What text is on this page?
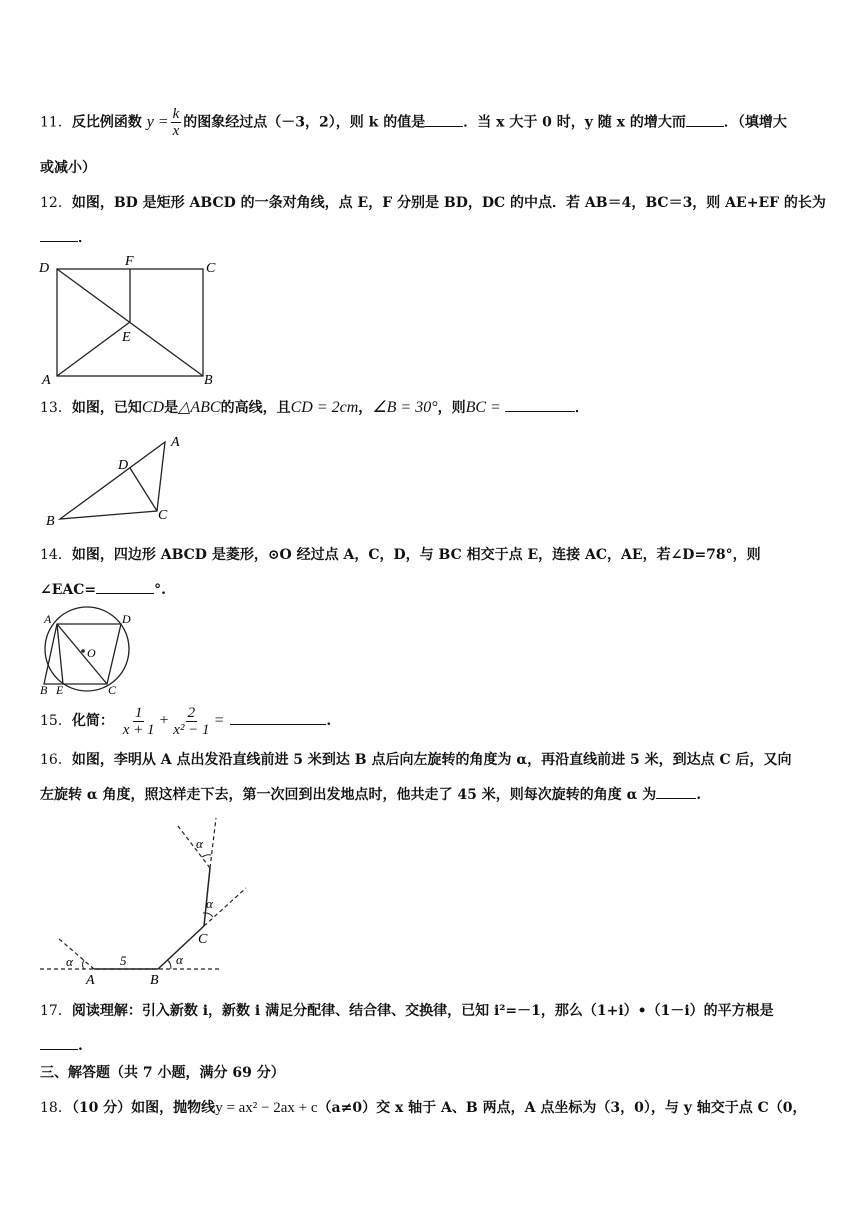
11．反比例函数 $y = \frac{k}{x}$ 的图象经过点（－3，2），则 k 的值是	．当 x 大于 0 时，y 随 x 的增大而	．（填增大
或减小）
12．如图，BD 是矩形 ABCD 的一条对角线，点 E，F 分别是 BD，DC 的中点．若 AB＝4，BC＝3，则 AE+EF 的长为
．
D	F	C
E
A	B
13．如图，已知CD是△ABC的高线，且CD = 2cm，∠B = 30°，则BC =	．
A
D
B	C
14．如图，四边形 ABCD 是菱形，⊙O 经过点 A，C，D，与 BC 相交于点 E，连接 AC，AE，若∠D=78°，则
∠EAC=	°.
A	D
O
B E	C
15．化简： $\frac{1}{x + 1} + \frac{2}{\text{x² − 1}}$ =	.
16．如图，李明从 A 点出发沿直线前进 5 米到达 B 点后向左旋转的角度为 α，再沿直线前进 5 米，到达点 C 后，又向
左旋转 α 角度，照这样走下去，第一次回到出发地点时，他共走了 45 米，则每次旋转的角度 α 为	.
α
α
α	α
5
A	B
C
17．阅读理解：引入新数 i，新数 i 满足分配律、结合律、交换律，已知 i²=－1，那么（1+i）•（1－i）的平方根是
.
三、解答题（共 7 小题，满分 69 分）
18．（10 分）如图，抛物线y = ax² − 2ax + c（a≠0）交 x 轴于 A、B 两点，A 点坐标为（3，0），与 y 轴交于点 C（0，
